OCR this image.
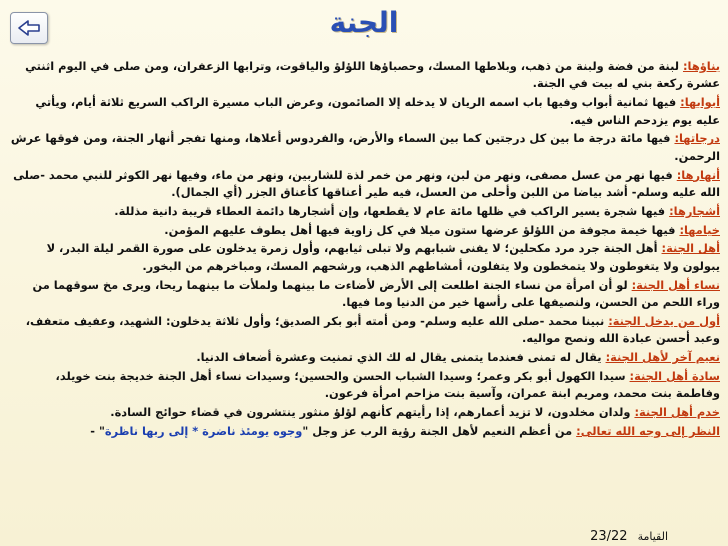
الجنة

بناؤها: لبنة من فضة ولبنة من ذهب، وبلاطها المسك، وحصباؤها اللؤلؤ والياقوت، وترابها الزعفران، ومن صلى في اليوم اثنتي عشرة ركعة بني له بيت في الجنة.

أبوابها: فيها ثمانية أبواب وفيها باب اسمه الريان لا يدخله إلا الصائمون، وعرض الباب مسيرة الراكب السريع ثلاثة أيام، ويأتي عليه يوم يزدحم الناس فيه.

درجاتها: فيها مائة درجة ما بين كل درجتين كما بين السماء والأرض، والفردوس أعلاها، ومنها تفجر أنهار الجنة، ومن فوقها عرش الرحمن.

أنهارها: فيها نهر من عسل مصفى، ونهر من لبن، ونهر من خمر لذة للشاربين، ونهر من ماء، وفيها نهر الكوثر للنبي محمد -صلى الله عليه وسلم- أشد بياضا من اللبن وأحلى من العسل، فيه طير أعناقها كأعناق الجزر (أي الجمال).

أشجارها: فيها شجرة يسير الراكب في ظلها مائة عام لا يقطعها، وإن أشجارها دائمة العطاء قريبة دانية مذللة.

خيامها: فيها خيمة مجوفة من اللؤلؤ عرضها ستون ميلا في كل زاوية فيها أهل يطوف عليهم المؤمن.

أهل الجنة: أهل الجنة جرد مرد مكحلين؛ لا يفنى شبابهم ولا تبلى ثيابهم، وأول زمرة يدخلون على صورة القمر ليلة البدر، لا يبولون ولا يتغوطون ولا يتمخطون ولا يتفلون، أمشاطهم الذهب، ورشحهم المسك، ومباخرهم من البخور.

نساء أهل الجنة: لو أن امرأة من نساء الجنة اطلعت إلى الأرض لأضاءت ما بينهما ولملأت ما بينهما ريحا، ويرى مخ سوقهما من وراء اللحم من الحسن، ولنصيفها على رأسها خير من الدنيا وما فيها.

أول من يدخل الجنة: نبينا محمد -صلى الله عليه وسلم- ومن أمته أبو بكر الصديق؛ وأول ثلاثة يدخلون: الشهيد، وعفيف متعفف، وعبد أحسن عبادة الله ونصح مواليه.

نعيم آخر لأهل الجنة: يقال له تمنى فعندما يتمنى يقال له لك الذي تمنيت وعشرة أضعاف الدنيا.

سادة أهل الجنة: سيدا الكهول أبو بكر وعمر؛ وسيدا الشباب الحسن والحسين؛ وسيدات نساء أهل الجنة خديجة بنت خويلد، وفاطمة بنت محمد، ومريم ابنة عمران، وآسية بنت مزاحم امرأة فرعون.

خدم أهل الجنة: ولدان مخلدون، لا تزيد أعمارهم، إذا رأيتهم كأنهم لؤلؤ منثور ينتشرون في قضاء حوائج السادة.

النظر إلى وجه الله تعالى: من أعظم النعيم لأهل الجنة رؤية الرب عز وجل "وجوه يومئذ ناضرة * إلى ربها ناظرة" -

القيامة
23/22
